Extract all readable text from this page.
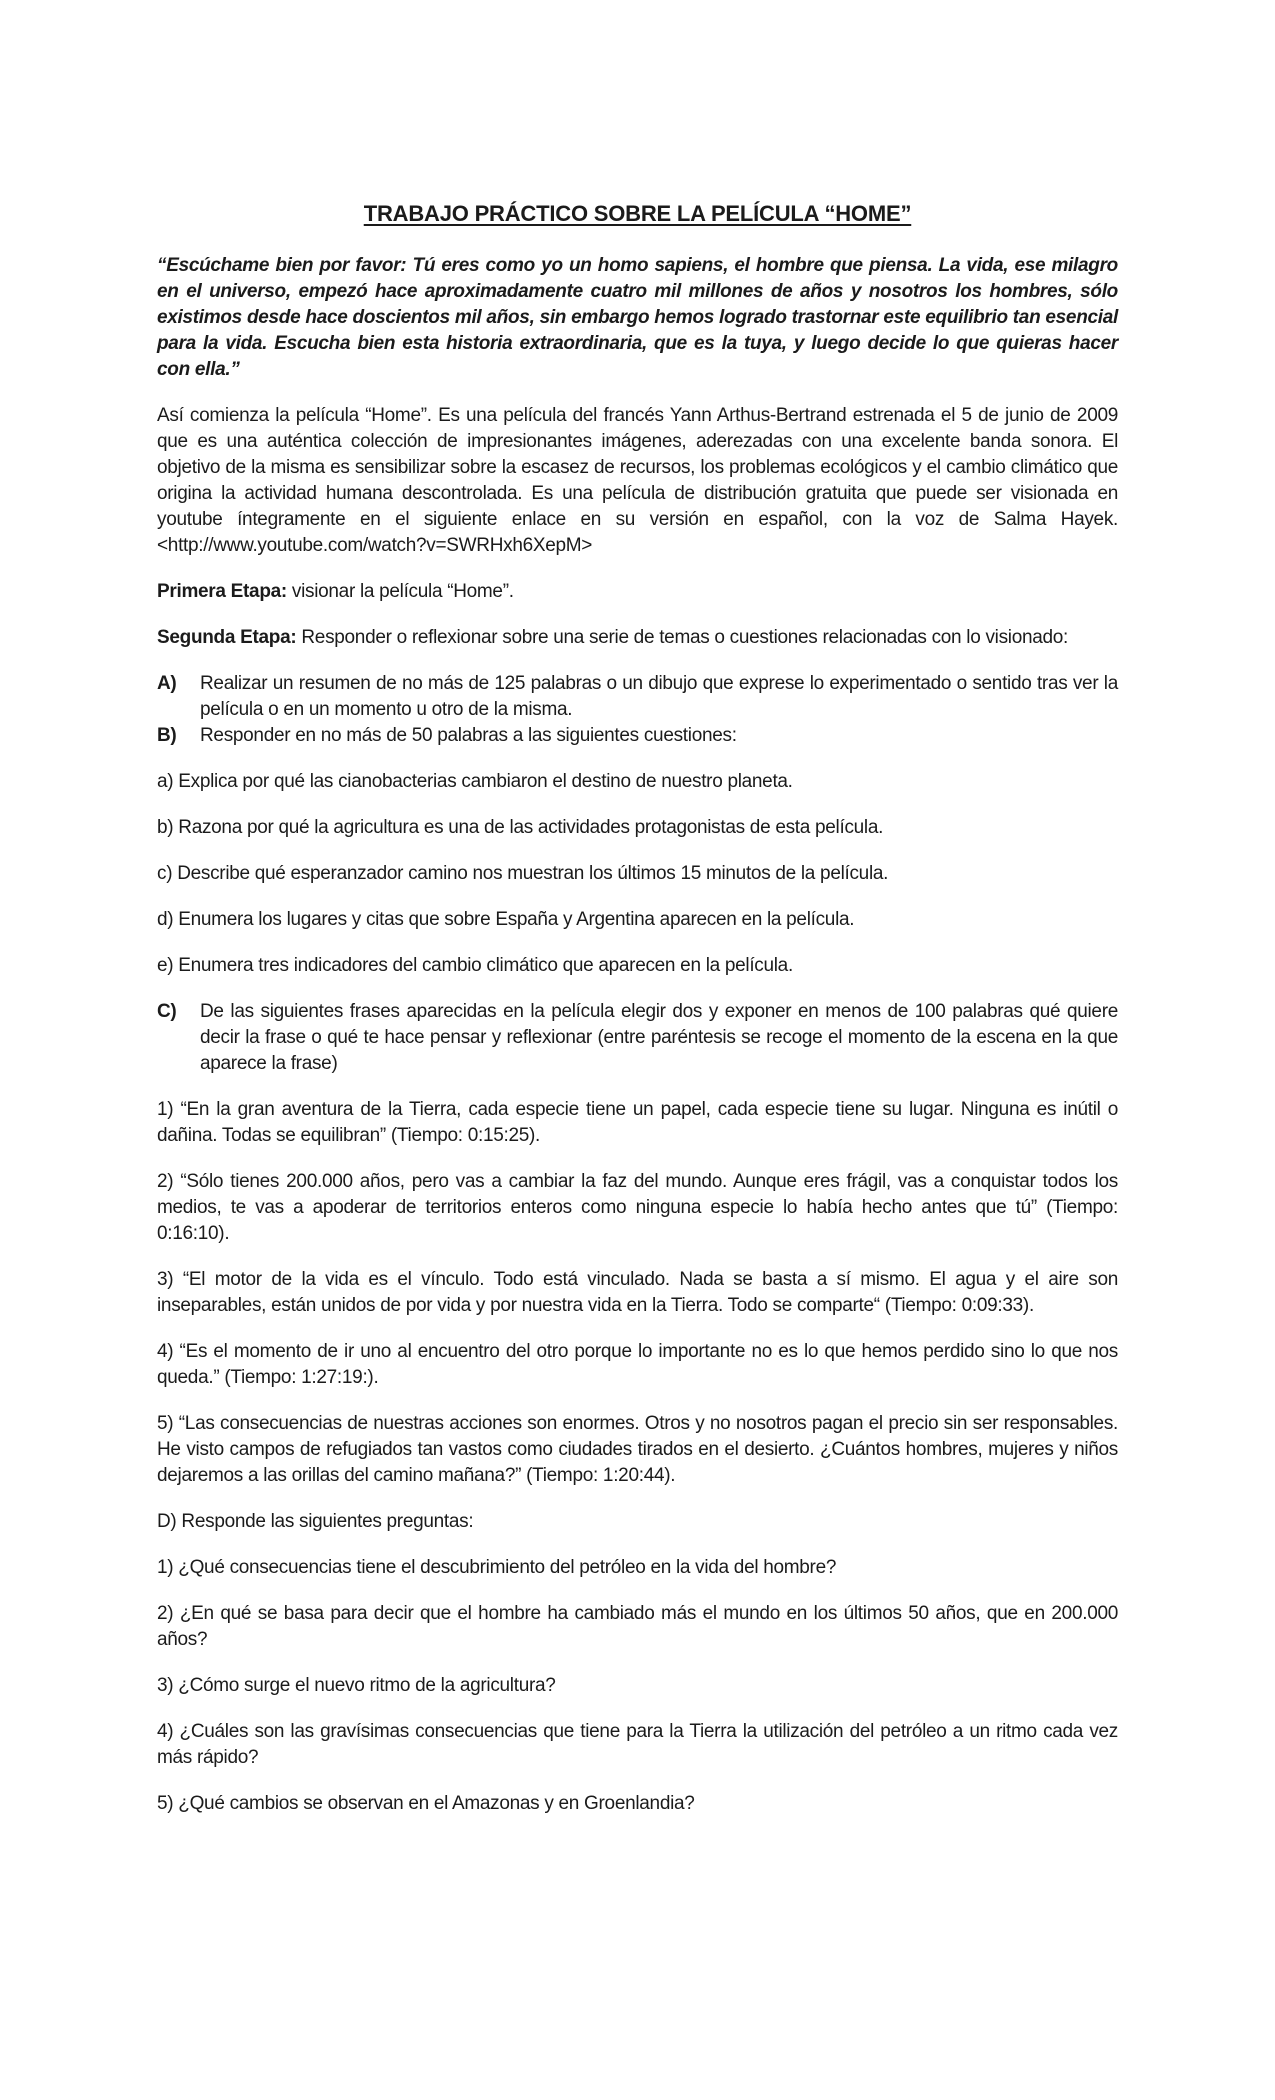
TRABAJO PRÁCTICO SOBRE LA PELÍCULA “HOME”

“Escúchame bien por favor: Tú eres como yo un homo sapiens, el hombre que piensa. La vida, ese milagro en el universo, empezó hace aproximadamente cuatro mil millones de años y nosotros los hombres, sólo existimos desde hace doscientos mil años, sin embargo hemos logrado trastornar este equilibrio tan esencial para la vida. Escucha bien esta historia extraordinaria, que es la tuya, y luego decide lo que quieras hacer con ella.”

Así comienza la película “Home”. Es una película del francés Yann Arthus-Bertrand estrenada el 5 de junio de 2009 que es una auténtica colección de impresionantes imágenes, aderezadas con una excelente banda sonora. El objetivo de la misma es sensibilizar sobre la escasez de recursos, los problemas ecológicos y el cambio climático que origina la actividad humana descontrolada. Es una película de distribución gratuita que puede ser visionada en youtube íntegramente en el siguiente enlace en su versión en español, con la voz de Salma Hayek. <http://www.youtube.com/watch?v=SWRHxh6XepM>

Primera Etapa: visionar la película “Home”.

Segunda Etapa: Responder o reflexionar sobre una serie de temas o cuestiones relacionadas con lo visionado:

A)	Realizar un resumen de no más de 125 palabras o un dibujo que exprese lo experimentado o sentido tras ver la película o en un momento u otro de la misma.
B)	Responder en no más de 50 palabras a las siguientes cuestiones:

a) Explica por qué las cianobacterias cambiaron el destino de nuestro planeta.

b) Razona por qué la agricultura es una de las actividades protagonistas de esta película.

c) Describe qué esperanzador camino nos muestran los últimos 15 minutos de la película.

d) Enumera los lugares y citas que sobre España y Argentina aparecen en la película.

e) Enumera tres indicadores del cambio climático que aparecen en la película.

C)	De las siguientes frases aparecidas en la película elegir dos y exponer en menos de 100 palabras qué quiere decir la frase o qué te hace pensar y reflexionar (entre paréntesis se recoge el momento de la escena en la que aparece la frase)

1) “En la gran aventura de la Tierra, cada especie tiene un papel, cada especie tiene su lugar. Ninguna es inútil o dañina. Todas se equilibran” (Tiempo: 0:15:25).

2) “Sólo tienes 200.000 años, pero vas a cambiar la faz del mundo. Aunque eres frágil, vas a conquistar todos los medios, te vas a apoderar de territorios enteros como ninguna especie lo había hecho antes que tú” (Tiempo: 0:16:10).

3) “El motor de la vida es el vínculo. Todo está vinculado. Nada se basta a sí mismo. El agua y el aire son inseparables, están unidos de por vida y por nuestra vida en la Tierra. Todo se comparte“ (Tiempo: 0:09:33).

4) “Es el momento de ir uno al encuentro del otro porque lo importante no es lo que hemos perdido sino lo que nos queda.” (Tiempo: 1:27:19:).

5) “Las consecuencias de nuestras acciones son enormes. Otros y no nosotros pagan el precio sin ser responsables. He visto campos de refugiados tan vastos como ciudades tirados en el desierto. ¿Cuántos hombres, mujeres y niños dejaremos a las orillas del camino mañana?” (Tiempo: 1:20:44).

D) Responde las siguientes preguntas:

1) ¿Qué consecuencias tiene el descubrimiento del petróleo en la vida del hombre?

2) ¿En qué se basa para decir que el hombre ha cambiado más el mundo en los últimos 50 años, que en 200.000 años?

3) ¿Cómo surge el nuevo ritmo de la agricultura?

4) ¿Cuáles son las gravísimas consecuencias que tiene para la Tierra la utilización del petróleo a un ritmo cada vez más rápido?

5) ¿Qué cambios se observan en el Amazonas y en Groenlandia?
